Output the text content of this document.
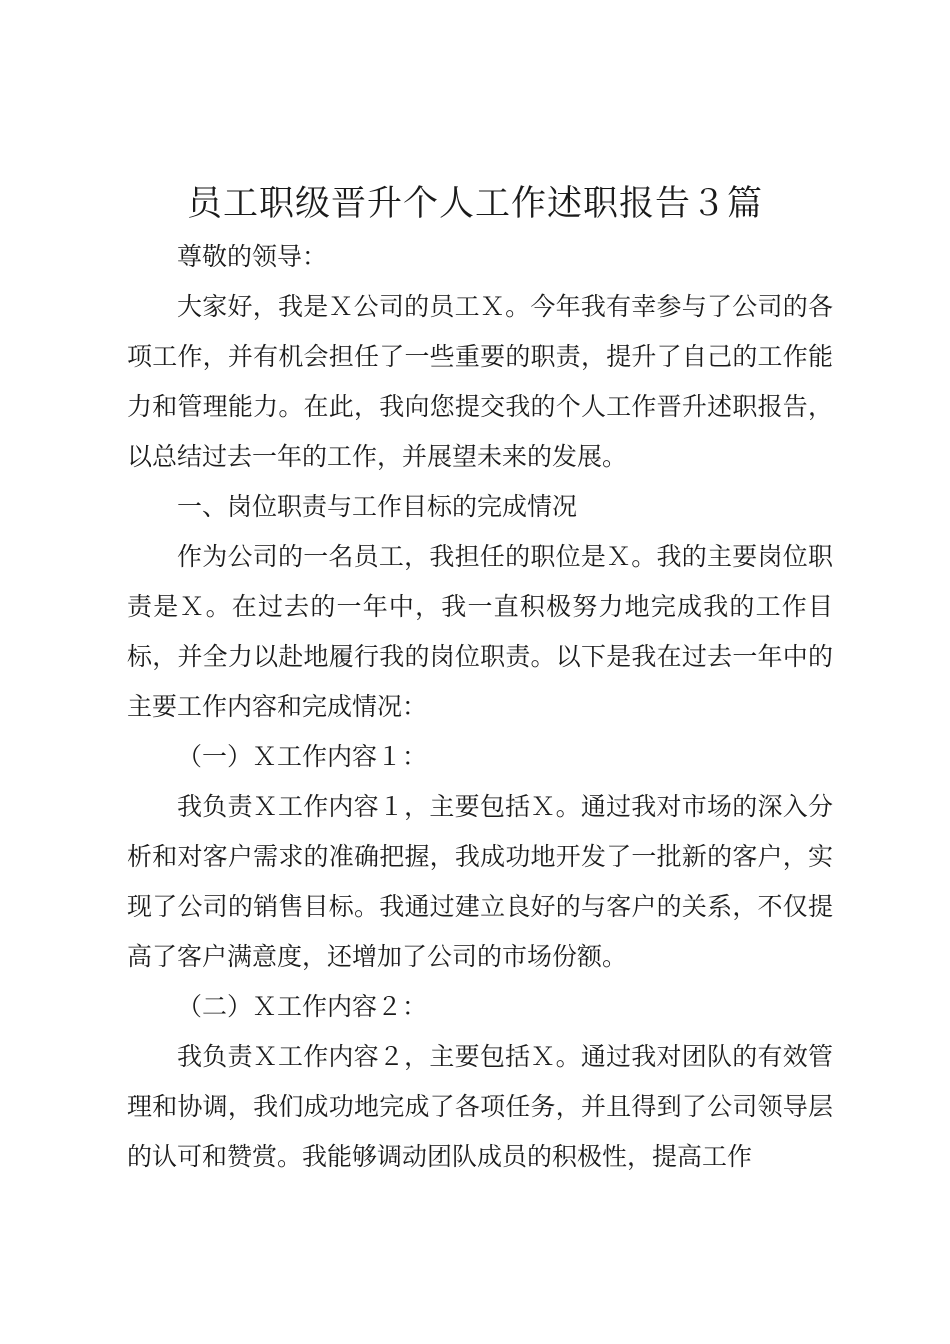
员工职级晋升个人工作述职报告３篇

尊敬的领导：

大家好，我是Ｘ公司的员工Ｘ。今年我有幸参与了公司的各项工作，并有机会担任了一些重要的职责，提升了自己的工作能力和管理能力。在此，我向您提交我的个人工作晋升述职报告，以总结过去一年的工作，并展望未来的发展。

一、岗位职责与工作目标的完成情况

作为公司的一名员工，我担任的职位是Ｘ。我的主要岗位职责是Ｘ。在过去的一年中，我一直积极努力地完成我的工作目标，并全力以赴地履行我的岗位职责。以下是我在过去一年中的主要工作内容和完成情况：

（一）Ｘ工作内容１：

我负责Ｘ工作内容１，主要包括Ｘ。通过我对市场的深入分析和对客户需求的准确把握，我成功地开发了一批新的客户，实现了公司的销售目标。我通过建立良好的与客户的关系，不仅提高了客户满意度，还增加了公司的市场份额。

（二）Ｘ工作内容２：

我负责Ｘ工作内容２，主要包括Ｘ。通过我对团队的有效管理和协调，我们成功地完成了各项任务，并且得到了公司领导层的认可和赞赏。我能够调动团队成员的积极性，提高工作
